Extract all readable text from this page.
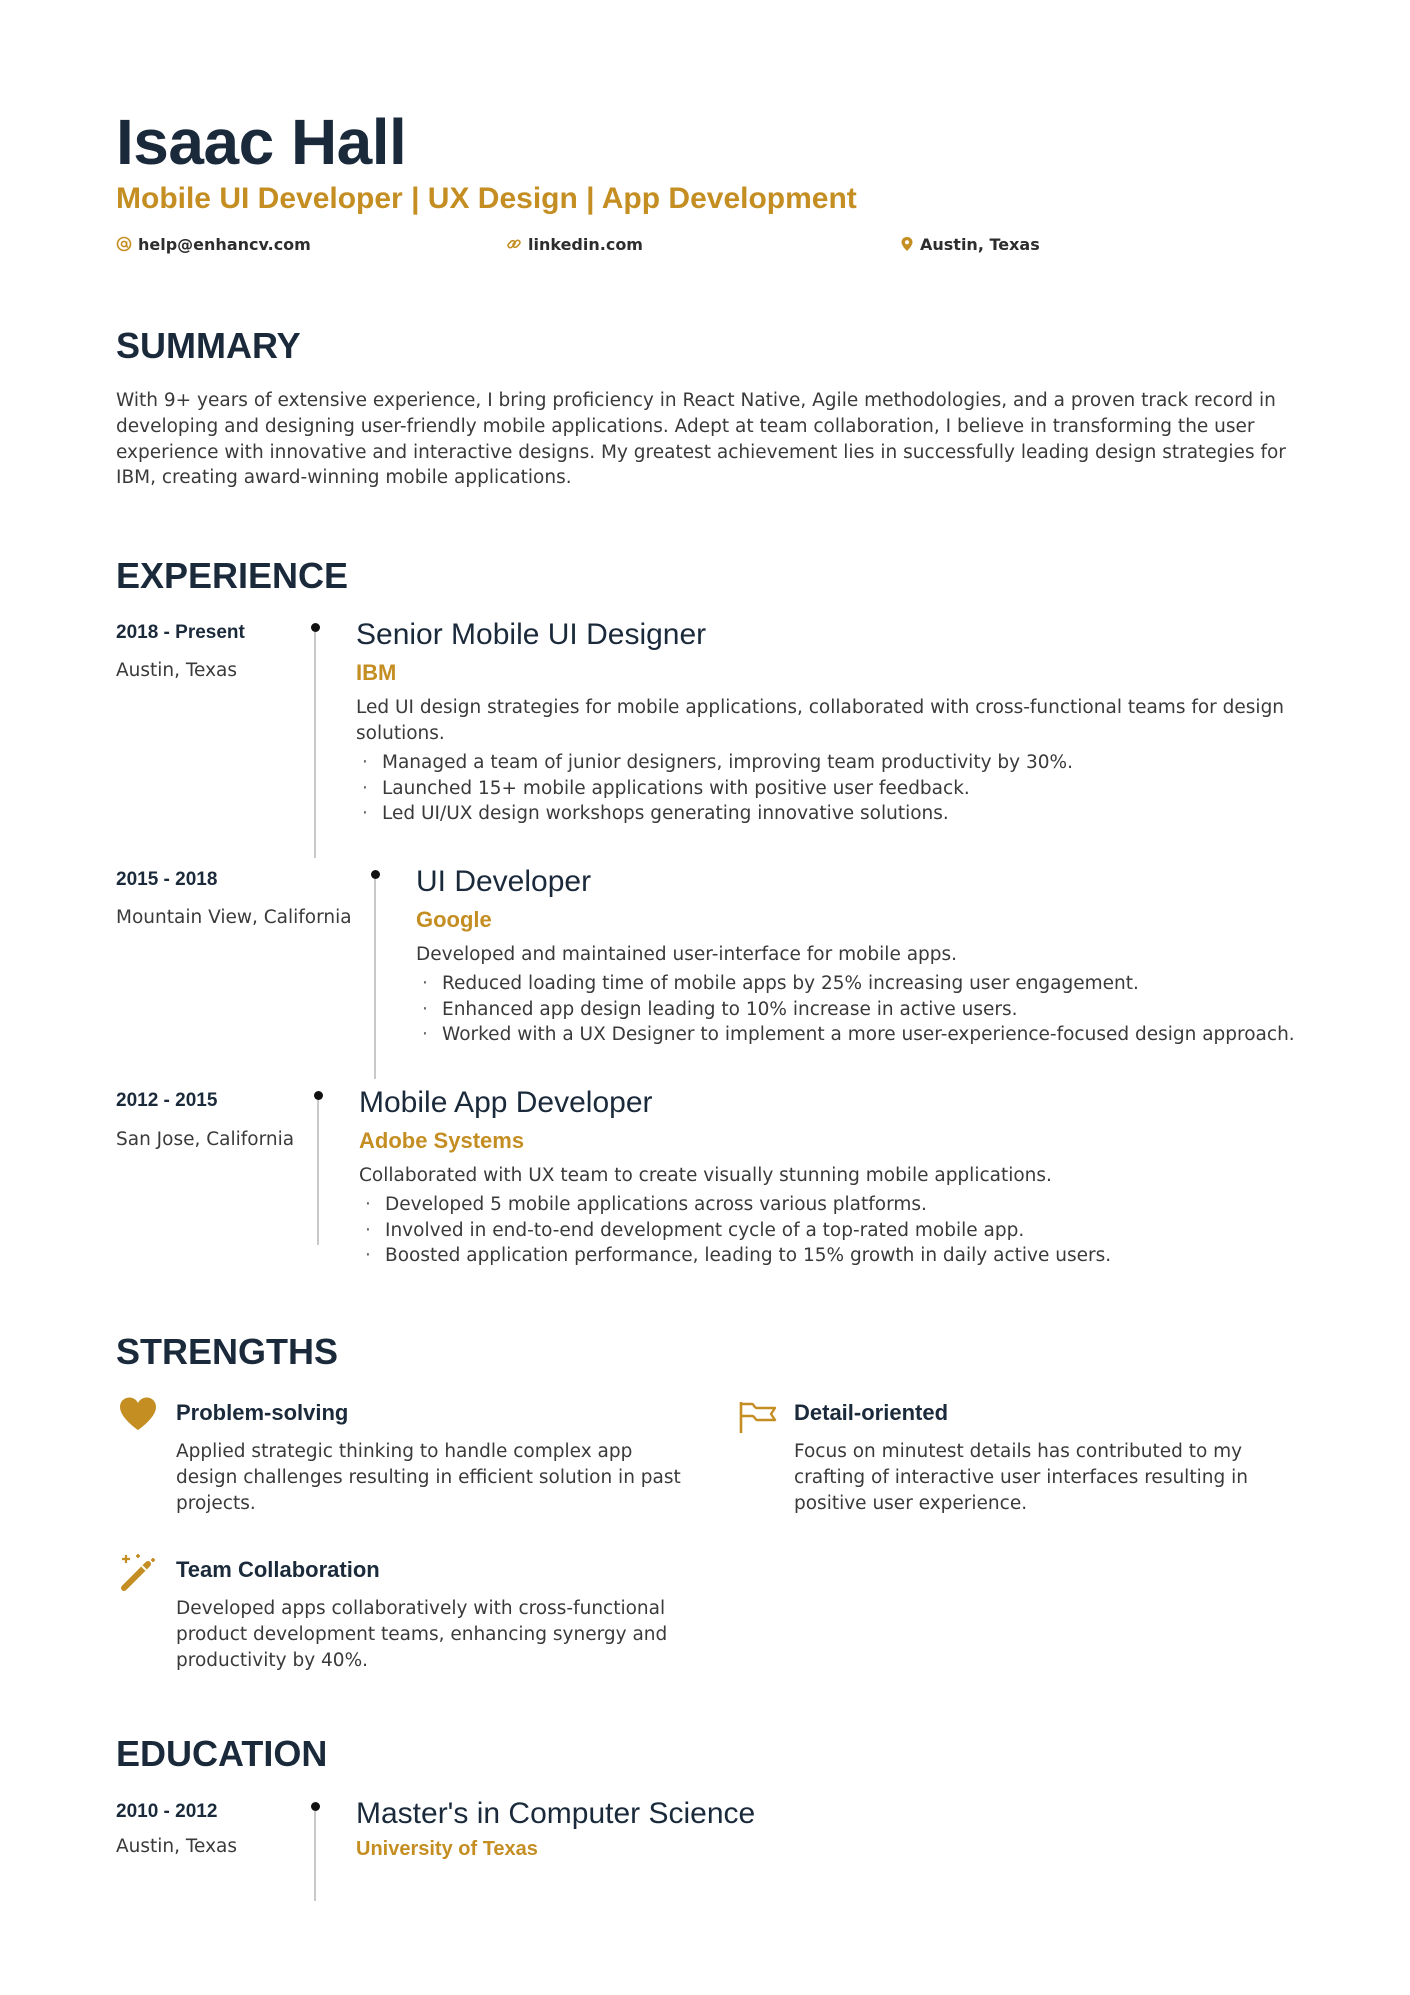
Isaac Hall
Mobile UI Developer | UX Design | App Development
help@enhancv.com	linkedin.com	Austin, Texas
SUMMARY
With 9+ years of extensive experience, I bring proficiency in React Native, Agile methodologies, and a proven track record in developing and designing user-friendly mobile applications. Adept at team collaboration, I believe in transforming the user experience with innovative and interactive designs. My greatest achievement lies in successfully leading design strategies for IBM, creating award-winning mobile applications.
EXPERIENCE
2018 - Present
Austin, Texas
Senior Mobile UI Designer
IBM
Led UI design strategies for mobile applications, collaborated with cross-functional teams for design solutions.
· Managed a team of junior designers, improving team productivity by 30%.
· Launched 15+ mobile applications with positive user feedback.
· Led UI/UX design workshops generating innovative solutions.
2015 - 2018
Mountain View, California
UI Developer
Google
Developed and maintained user-interface for mobile apps.
· Reduced loading time of mobile apps by 25% increasing user engagement.
· Enhanced app design leading to 10% increase in active users.
· Worked with a UX Designer to implement a more user-experience-focused design approach.
2012 - 2015
San Jose, California
Mobile App Developer
Adobe Systems
Collaborated with UX team to create visually stunning mobile applications.
· Developed 5 mobile applications across various platforms.
· Involved in end-to-end development cycle of a top-rated mobile app.
· Boosted application performance, leading to 15% growth in daily active users.
STRENGTHS
Problem-solving
Applied strategic thinking to handle complex app design challenges resulting in efficient solution in past projects.
Detail-oriented
Focus on minutest details has contributed to my crafting of interactive user interfaces resulting in positive user experience.
Team Collaboration
Developed apps collaboratively with cross-functional product development teams, enhancing synergy and productivity by 40%.
EDUCATION
2010 - 2012
Austin, Texas
Master's in Computer Science
University of Texas
